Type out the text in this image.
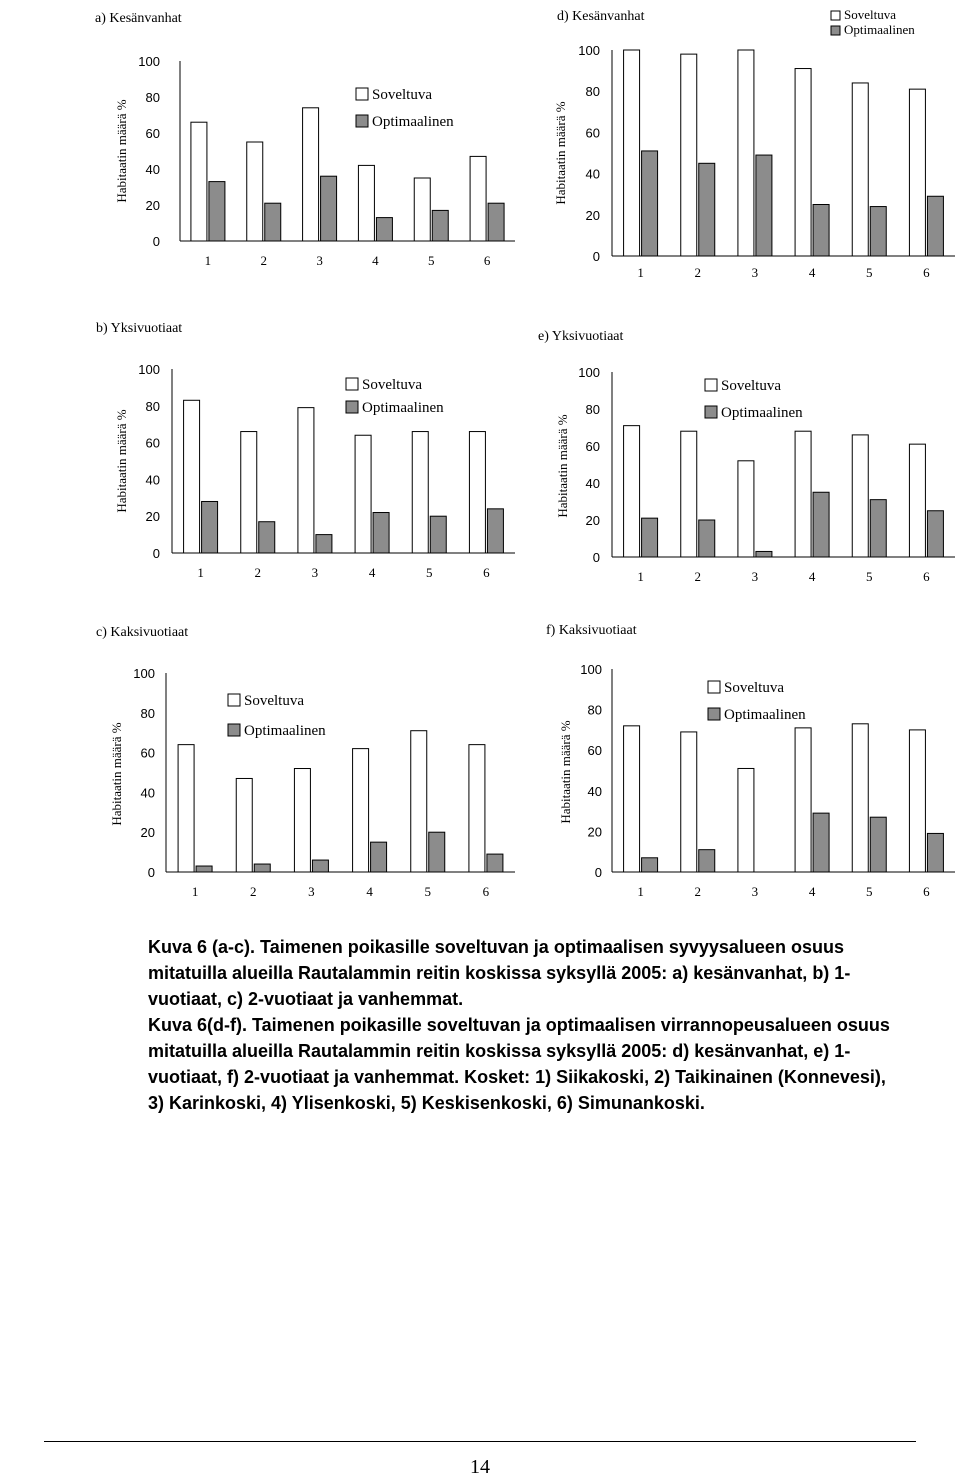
a) Kesänvanhat
Habitaatin määrä %
0
20
40
60
80
100
1	2	3	4	5	6
Soveltuva
Optimaalinen
d) Kesänvanhat
Habitaatin määrä %
0
20
40
60
80
100
1	2	3	4	5	6
Soveltuva
Optimaalinen
b) Yksivuotiaat
Habitaatin määrä %
0
20
40
60
80
100
1	2	3	4	5	6
Soveltuva
Optimaalinen
e) Yksivuotiaat
Habitaatin määrä %
0
20
40
60
80
100
1	2	3	4	5	6
Soveltuva
Optimaalinen
c) Kaksivuotiaat
Habitaatin määrä %
0
20
40
60
80
100
1	2	3	4	5	6
Soveltuva
Optimaalinen
f) Kaksivuotiaat
Habitaatin määrä %
0
20
40
60
80
100
1	2	3	4	5	6
Soveltuva
Optimaalinen

Kuva 6 (a-c). Taimenen poikasille soveltuvan ja optimaalisen syvyysalueen osuus mitatuilla alueilla Rautalammin reitin koskissa syksyllä 2005: a) kesänvanhat, b) 1-vuotiaat, c) 2-vuotiaat ja vanhemmat.

Kuva 6(d-f). Taimenen poikasille soveltuvan ja optimaalisen virrannopeusalueen osuus mitatuilla alueilla Rautalammin reitin koskissa syksyllä 2005: d) kesänvanhat, e) 1-vuotiaat, f) 2-vuotiaat ja vanhemmat. Kosket: 1) Siikakoski, 2) Taikinainen (Konnevesi), 3) Karinkoski, 4) Ylisenkoski, 5) Keskisenkoski, 6) Simunankoski.

14
